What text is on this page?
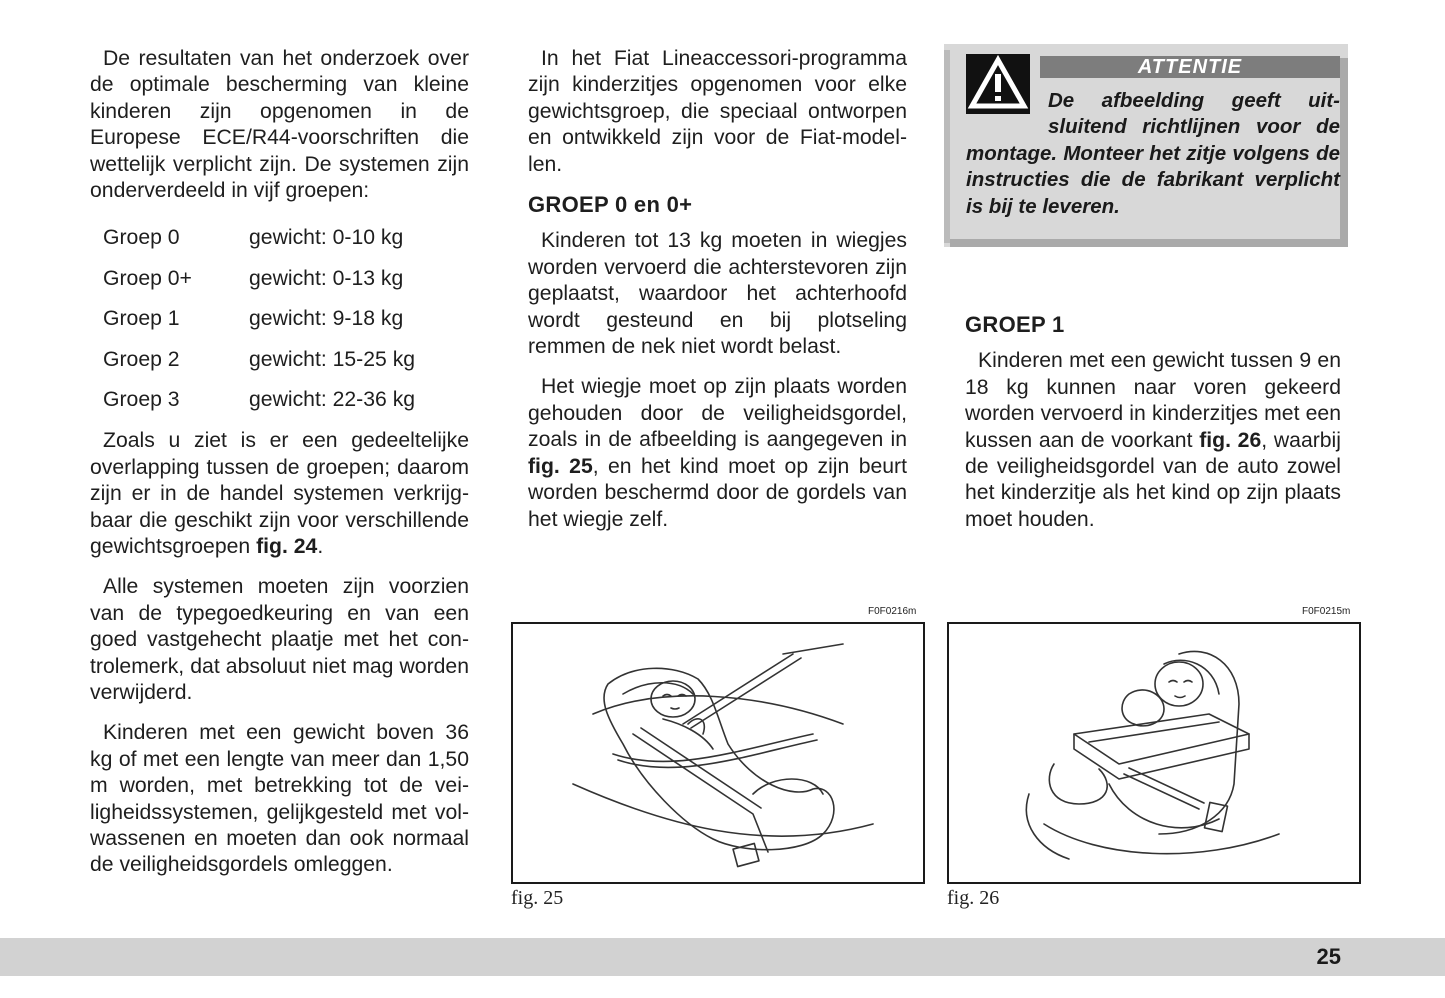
De resultaten van het onderzoek over de optimale bescherming van kleine kinderen zijn opgenomen in de Europese ECE/R44-voorschriften die wettelijk verplicht zijn. De systemen zijn onderverdeeld in vijf groepen:

Groep 0	gewicht: 0-10 kg
Groep 0+	gewicht: 0-13 kg
Groep 1	gewicht: 9-18 kg
Groep 2	gewicht: 15-25 kg
Groep 3	gewicht: 22-36 kg

Zoals u ziet is er een gedeeltelijke overlapping tussen de groepen; daarom zijn er in de handel systemen verkrijgbaar die geschikt zijn voor verschillende gewichtsgroepen fig. 24.

Alle systemen moeten zijn voorzien van de typegoedkeuring en van een goed vastgehecht plaatje met het controlemerk, dat absoluut niet mag worden verwijderd.

Kinderen met een gewicht boven 36 kg of met een lengte van meer dan 1,50 m worden, met betrekking tot de veiligheidssystemen, gelijkgesteld met volwassenen en moeten dan ook normaal de veiligheidsgordels omleggen.

In het Fiat Lineaccessori-programma zijn kinderzitjes opgenomen voor elke gewichtsgroep, die speciaal ontworpen en ontwikkeld zijn voor de Fiat-modellen.

GROEP 0 en 0+

Kinderen tot 13 kg moeten in wiegjes worden vervoerd die achterstevoren zijn geplaatst, waardoor het achterhoofd wordt gesteund en bij plotseling remmen de nek niet wordt belast.

Het wiegje moet op zijn plaats worden gehouden door de veiligheidsgordel, zoals in de afbeelding is aangegeven in fig. 25, en het kind moet op zijn beurt worden beschermd door de gordels van het wiegje zelf.

ATTENTIE
De afbeelding geeft uitsluitend richtlijnen voor de montage. Monteer het zitje volgens de instructies die de fabrikant verplicht is bij te leveren.
GROEP 1

Kinderen met een gewicht tussen 9 en 18 kg kunnen naar voren gekeerd worden vervoerd in kinderzitjes met een kussen aan de voorkant fig. 26, waarbij de veiligheidsgordel van de auto zowel het kinderzitje als het kind op zijn plaats moet houden.

F0F0216m
fig. 25
F0F0215m
fig. 26
25
